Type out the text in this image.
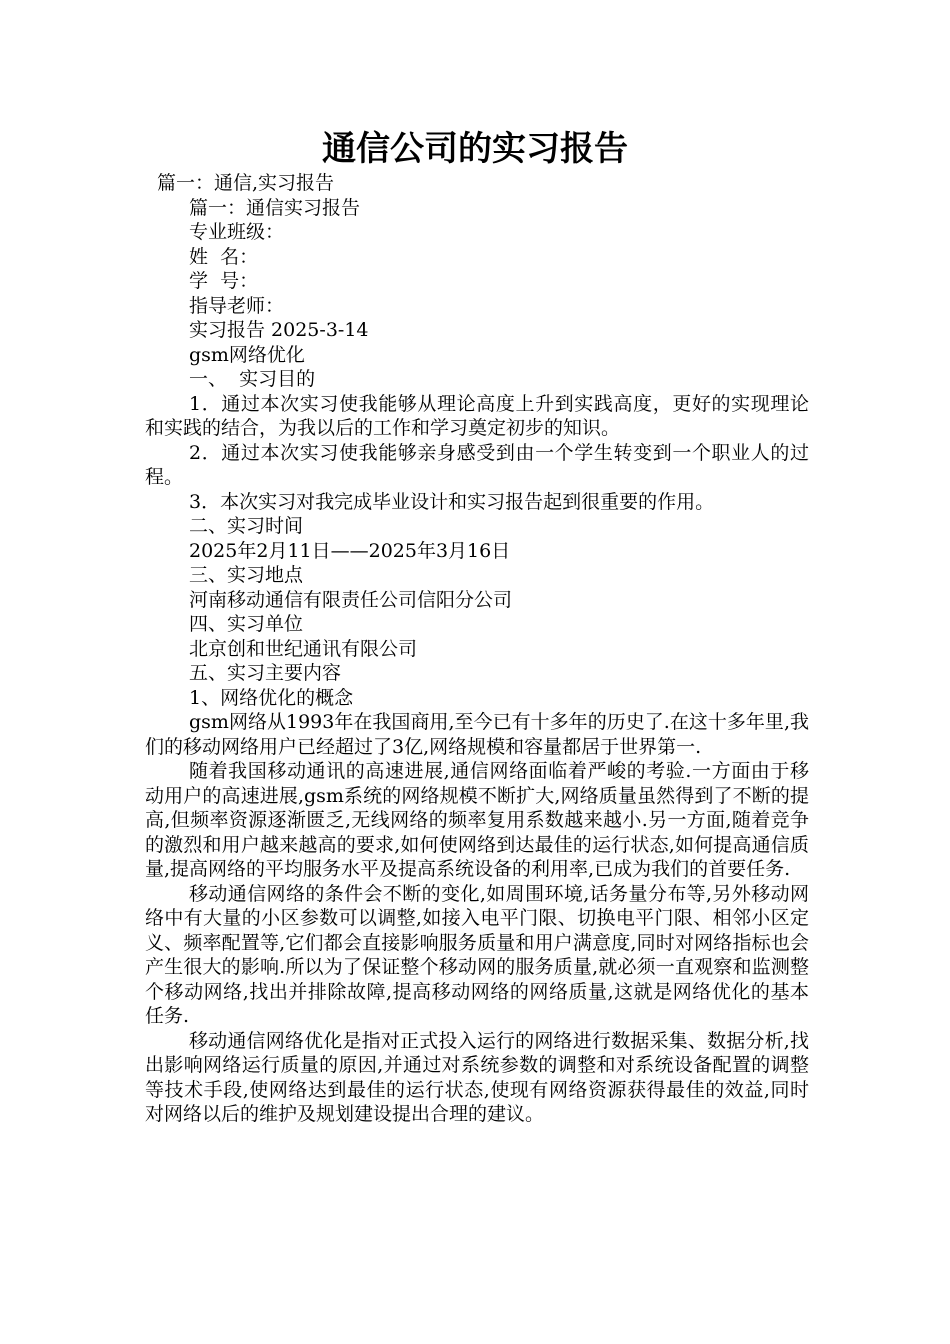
通信公司的实习报告

篇一：通信,实习报告

篇一：通信实习报告

专业班级：

姓  名：

学  号：

指导老师：

实习报告 2025-3-14

gsm网络优化

一、  实习目的

1．通过本次实习使我能够从理论高度上升到实践高度，更好的实现理论和实践的结合，为我以后的工作和学习奠定初步的知识。

2．通过本次实习使我能够亲身感受到由一个学生转变到一个职业人的过程。

3．本次实习对我完成毕业设计和实习报告起到很重要的作用。

二、实习时间

2025年2月11日——2025年3月16日

三、实习地点

河南移动通信有限责任公司信阳分公司

四、实习单位

北京创和世纪通讯有限公司

五、实习主要内容

1、网络优化的概念

gsm网络从1993年在我国商用,至今已有十多年的历史了.在这十多年里,我们的移动网络用户已经超过了3亿,网络规模和容量都居于世界第一.

随着我国移动通讯的高速进展,通信网络面临着严峻的考验.一方面由于移动用户的高速进展,gsm系统的网络规模不断扩大,网络质量虽然得到了不断的提高,但频率资源逐渐匮乏,无线网络的频率复用系数越来越小.另一方面,随着竞争的激烈和用户越来越高的要求,如何使网络到达最佳的运行状态,如何提高通信质量,提高网络的平均服务水平及提高系统设备的利用率,已成为我们的首要任务.

移动通信网络的条件会不断的变化,如周围环境,话务量分布等,另外移动网络中有大量的小区参数可以调整,如接入电平门限、切换电平门限、相邻小区定义、频率配置等,它们都会直接影响服务质量和用户满意度,同时对网络指标也会产生很大的影响.所以为了保证整个移动网的服务质量,就必须一直观察和监测整个移动网络,找出并排除故障,提高移动网络的网络质量,这就是网络优化的基本任务.

移动通信网络优化是指对正式投入运行的网络进行数据采集、数据分析,找出影响网络运行质量的原因,并通过对系统参数的调整和对系统设备配置的调整等技术手段,使网络达到最佳的运行状态,使现有网络资源获得最佳的效益,同时对网络以后的维护及规划建设提出合理的建议。
